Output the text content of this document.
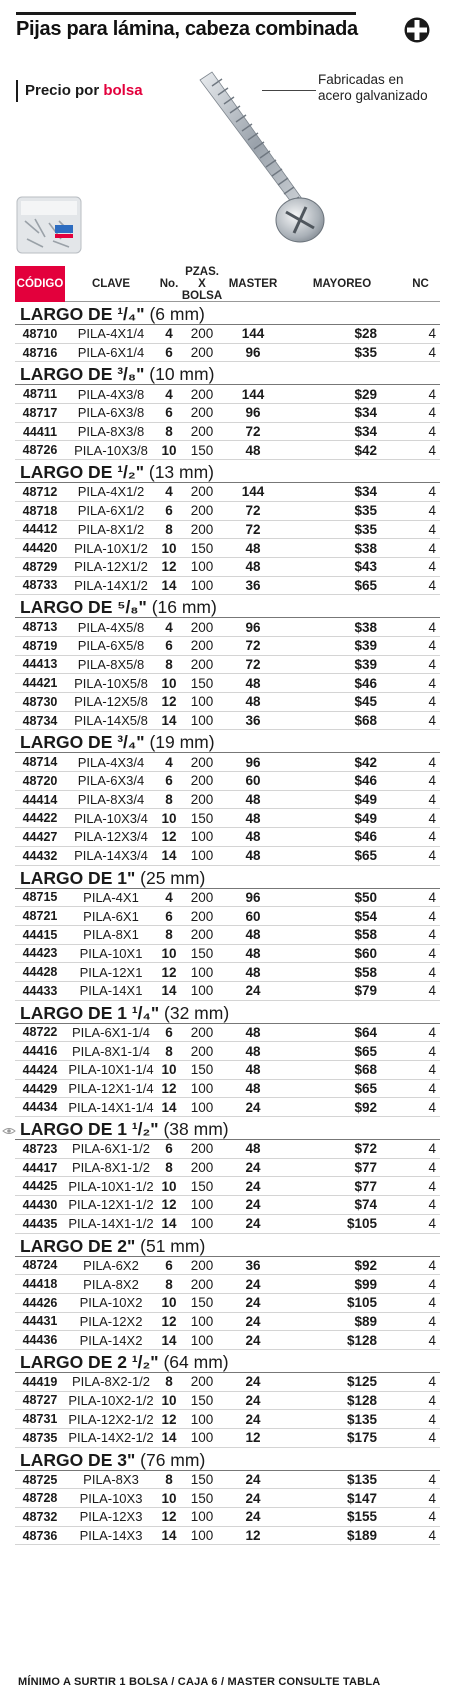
Pijas para lámina, cabeza combinada
Precio por bolsa
Fabricadas en acero galvanizado
CÓDIGO	CLAVE	No.
PZAS.
X BOLSA
MASTER	MAYOREO	NC
LARGO DE ¹/₄" (6 mm)
48710	PILA-4X1/4	4	200	144	$28	4
48716	PILA-6X1/4	6	200	96	$35	4
LARGO DE ³/₈" (10 mm)
48711	PILA-4X3/8	4	200	144	$29	4
48717	PILA-6X3/8	6	200	96	$34	4
44411	PILA-8X3/8	8	200	72	$34	4
48726	PILA-10X3/8	10	150	48	$42	4
LARGO DE ¹/₂" (13 mm)
48712	PILA-4X1/2	4	200	144	$34	4
48718	PILA-6X1/2	6	200	72	$35	4
44412	PILA-8X1/2	8	200	72	$35	4
44420	PILA-10X1/2	10	150	48	$38	4
48729	PILA-12X1/2	12	100	48	$43	4
48733	PILA-14X1/2	14	100	36	$65	4
LARGO DE ⁵/₈" (16 mm)
48713	PILA-4X5/8	4	200	96	$38	4
48719	PILA-6X5/8	6	200	72	$39	4
44413	PILA-8X5/8	8	200	72	$39	4
44421	PILA-10X5/8	10	150	48	$46	4
48730	PILA-12X5/8	12	100	48	$45	4
48734	PILA-14X5/8	14	100	36	$68	4
LARGO DE ³/₄" (19 mm)
48714	PILA-4X3/4	4	200	96	$42	4
48720	PILA-6X3/4	6	200	60	$46	4
44414	PILA-8X3/4	8	200	48	$49	4
44422	PILA-10X3/4	10	150	48	$49	4
44427	PILA-12X3/4	12	100	48	$46	4
44432	PILA-14X3/4	14	100	48	$65	4
LARGO DE 1" (25 mm)
48715	PILA-4X1	4	200	96	$50	4
48721	PILA-6X1	6	200	60	$54	4
44415	PILA-8X1	8	200	48	$58	4
44423	PILA-10X1	10	150	48	$60	4
44428	PILA-12X1	12	100	48	$58	4
44433	PILA-14X1	14	100	24	$79	4
LARGO DE 1 ¹/₄" (32 mm)
48722	PILA-6X1-1/4	6	200	48	$64	4
44416	PILA-8X1-1/4	8	200	48	$65	4
44424 PILA-10X1-1/4 10	150	48	$68	4
44429 PILA-12X1-1/4 12	100	48	$65	4
44434 PILA-14X1-1/4 14	100	24	$92	4
LARGO DE 1 ¹/₂" (38 mm)
48723	PILA-6X1-1/2	6	200	48	$72	4
44417	PILA-8X1-1/2	8	200	24	$77	4
44425 PILA-10X1-1/2 10	150	24	$77	4
44430 PILA-12X1-1/2 12	100	24	$74	4
44435 PILA-14X1-1/2 14	100	24	$105	4
LARGO DE 2" (51 mm)
48724	PILA-6X2	6	200	36	$92	4
44418	PILA-8X2	8	200	24	$99	4
44426	PILA-10X2	10	150	24	$105	4
44431	PILA-12X2	12	100	24	$89	4
44436	PILA-14X2	14	100	24	$128	4
LARGO DE 2 ¹/₂" (64 mm)
44419	PILA-8X2-1/2	8	200	24	$125	4
48727 PILA-10X2-1/2 10	150	24	$128	4
48731 PILA-12X2-1/2 12	100	24	$135	4
48735 PILA-14X2-1/2 14	100	12	$175	4
LARGO DE 3" (76 mm)
48725	PILA-8X3	8	150	24	$135	4
48728	PILA-10X3	10	150	24	$147	4
48732	PILA-12X3	12	100	24	$155	4
48736	PILA-14X3	14	100	12	$189	4
MÍNIMO A SURTIR 1 BOLSA / CAJA 6 / MASTER CONSULTE TABLA
